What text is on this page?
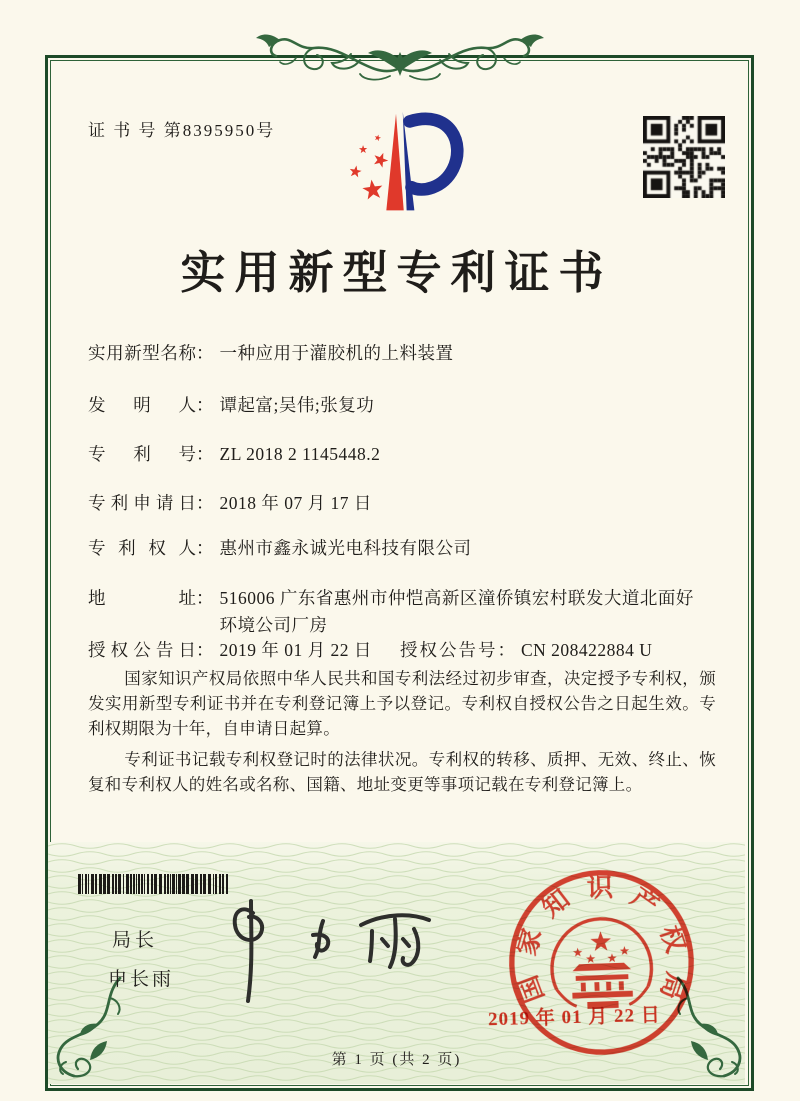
证 书 号 第8395950号
实用新型专利证书
实用新型名称： 一种应用于灌胶机的上料装置
发明人： 谭起富;吴伟;张复功
专利号： ZL 2018 2 1145448.2
专利申请日： 2018 年 07 月 17 日
专利权人： 惠州市鑫永诚光电科技有限公司
地址： 516006 广东省惠州市仲恺高新区潼侨镇宏村联发大道北面好环境公司厂房
授权公告日： 2019 年 01 月 22 日 授权公告号： CN 208422884 U

国家知识产权局依照中华人民共和国专利法经过初步审查，决定授予专利权，颁发实用新型专利证书并在专利登记簿上予以登记。专利权自授权公告之日起生效。专利权期限为十年，自申请日起算。

专利证书记载专利权登记时的法律状况。专利权的转移、质押、无效、终止、恢复和专利权人的姓名或名称、国籍、地址变更等事项记载在专利登记簿上。

局长
申长雨	国家知识产权局
2019 年 01 月 22 日
第 1 页 (共 2 页)
